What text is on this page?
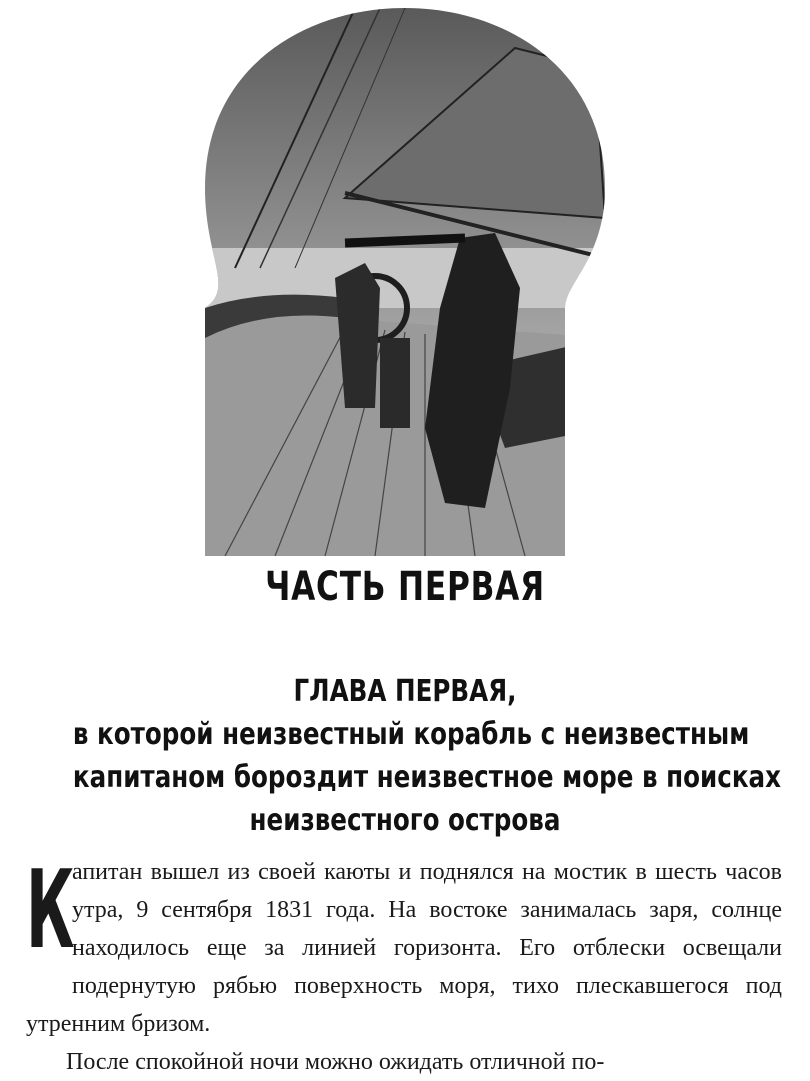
ЧАСТЬ ПЕРВАЯ
ГЛАВА ПЕРВАЯ,
в которой неизвестный корабль с неизвестным
капитаном бороздит неизвестное море в поисках
неизвестного острова
К

апитан вышел из своей каюты и поднялся на мостик в шесть часов утра, 9 сентября 1831 года. На востоке занималась заря, солнце находилось еще за линией горизонта. Его отблески освещали подернутую рябью поверхность моря, тихо плескавшегося под утренним бризом.

После спокойной ночи можно ожидать отличной по-
